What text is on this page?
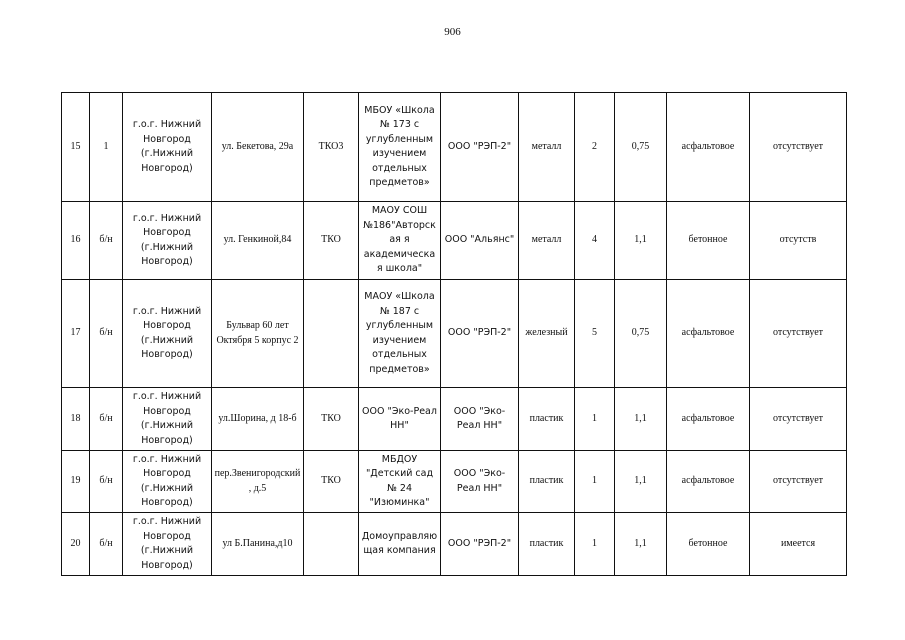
906
15	1	г.о.г. Нижний Новгород (г.Нижний Новгород)	ул. Бекетова, 29а	ТКО3	МБОУ «Школа № 173 с углубленным изучением отдельных предметов»	ООО "РЭП-2"	металл	2	0,75	асфальтовое	отсутствует
16	б/н	г.о.г. Нижний Новгород (г.Нижний Новгород)	ул. Генкиной,84	ТКО	МАОУ СОШ №186"Авторская я академическая школа"	ООО "Альянс"	металл	4	1,1	бетонное	отсутств
17	б/н	г.о.г. Нижний Новгород (г.Нижний Новгород)	Бульвар 60 лет Октября 5 корпус 2		МАОУ «Школа № 187 с углубленным изучением отдельных предметов»	ООО "РЭП-2"	железный	5	0,75	асфальтовое	отсутствует
18	б/н	г.о.г. Нижний Новгород (г.Нижний Новгород)	ул.Шорина, д 18-б	ТКО	ООО "Эко-Реал НН"	ООО "Эко-Реал НН"	пластик	1	1,1	асфальтовое	отсутствует
19	б/н	г.о.г. Нижний Новгород (г.Нижний Новгород)	пер.Звенигородский, д.5	ТКО	МБДОУ "Детский сад № 24 "Изюминка"	ООО "Эко-Реал НН"	пластик	1	1,1	асфальтовое	отсутствует
20	б/н	г.о.г. Нижний Новгород (г.Нижний Новгород)	ул Б.Панина,д10		Домоуправляющая компания	ООО "РЭП-2"	пластик	1	1,1	бетонное	имеется
